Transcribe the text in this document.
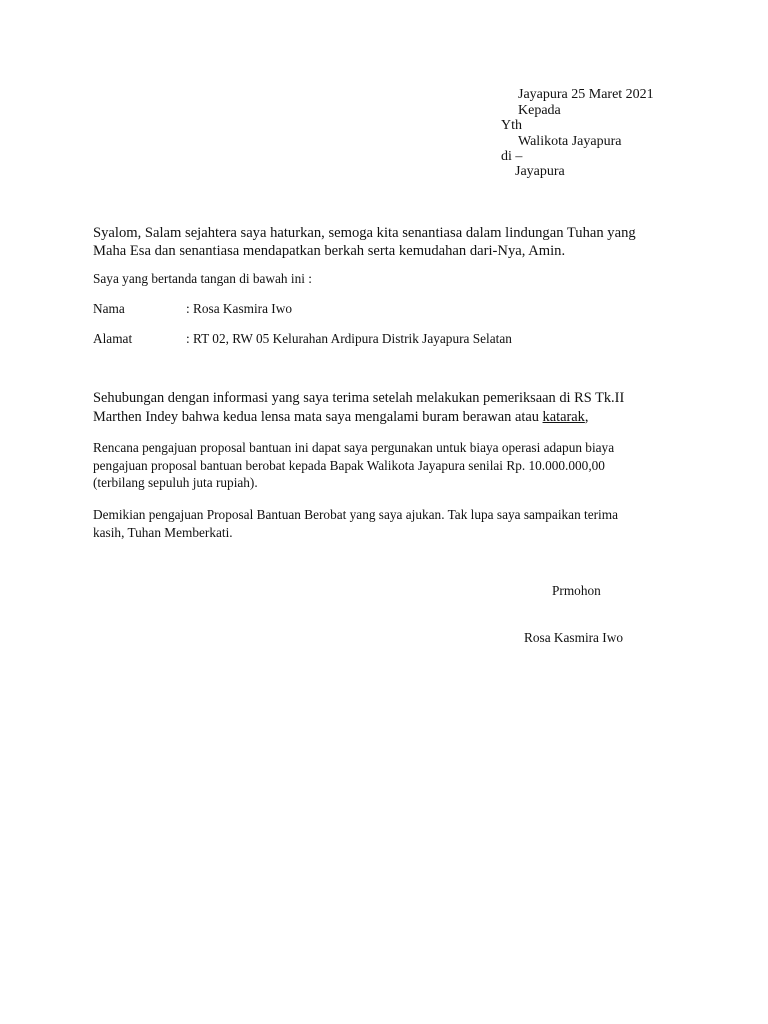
Jayapura 25 Maret 2021
Kepada
Yth
Walikota Jayapura
di –
Jayapura
Syalom, Salam sejahtera saya haturkan, semoga kita senantiasa dalam lindungan Tuhan yang
Maha Esa dan senantiasa mendapatkan berkah serta kemudahan dari-Nya, Amin.
Saya yang bertanda tangan di bawah ini :
Nama	: Rosa Kasmira Iwo
Alamat	: RT 02, RW 05 Kelurahan Ardipura Distrik Jayapura Selatan
Sehubungan dengan informasi yang saya terima setelah melakukan pemeriksaan di RS Tk.II
Marthen Indey bahwa kedua lensa mata saya mengalami buram berawan atau katarak,
Rencana pengajuan proposal bantuan ini dapat saya pergunakan untuk biaya operasi adapun biaya
pengajuan proposal bantuan berobat kepada Bapak Walikota Jayapura senilai Rp. 10.000.000,00
(terbilang sepuluh juta rupiah).
Demikian pengajuan Proposal Bantuan Berobat yang saya ajukan. Tak lupa saya sampaikan terima
kasih, Tuhan Memberkati.
Prmohon
Rosa Kasmira Iwo
